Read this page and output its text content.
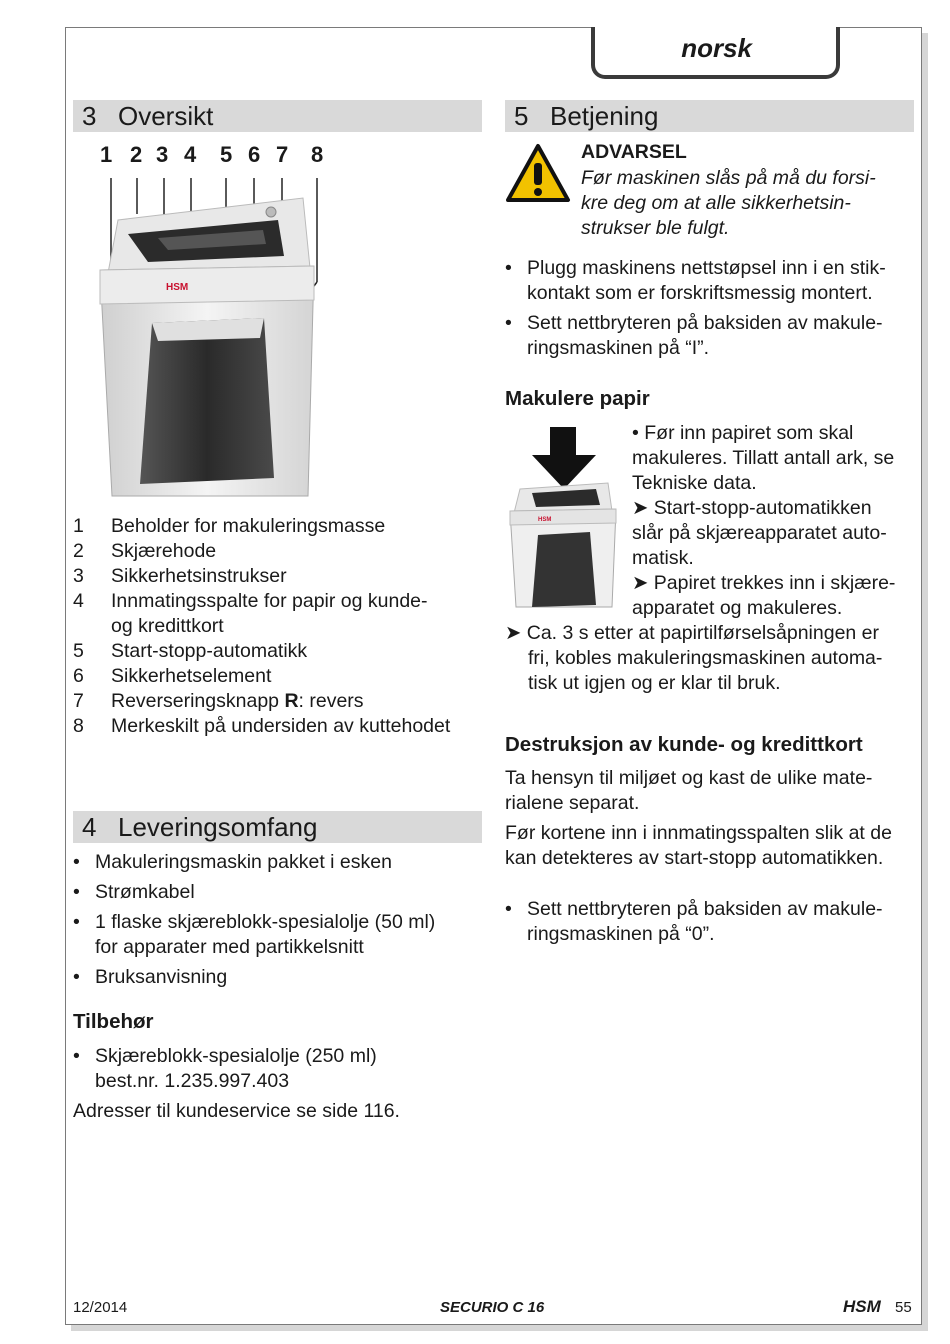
norsk
3 Oversikt
1 2 3 4 5 6 7 8
HSM
1	Beholder for makuleringsmasse
2	Skjærehode
3	Sikkerhetsinstrukser
4	Innmatingsspalte for papir og kunde-
og kredittkort
5	Start-stopp-automatikk
6	Sikkerhetselement
7	Reverseringsknapp R: revers
8	Merkeskilt på undersiden av kuttehodet
4 Leveringsomfang
• Makuleringsmaskin pakket i esken
• Strømkabel
• 1 flaske skjæreblokk-spesialolje (50 ml)
for apparater med partikkelsnitt
• Bruksanvisning
Tilbehør
• Skjæreblokk-spesialolje (250 ml)
best.nr. 1.235.997.403
Adresser til kundeservice se side 116.
5 Betjening
ADVARSEL
Før maskinen slås på må du forsi-
kre deg om at alle sikkerhetsin-
strukser ble fulgt.
• Plugg maskinens nettstøpsel inn i en stik-
kontakt som er forskriftsmessig montert.
• Sett nettbryteren på baksiden av makule-
ringsmaskinen på “I”.
Makulere papir
HSM
• Før inn papiret som skal
makuleres. Tillatt antall ark, se
Tekniske data.
➤ Start-stopp-automatikken
slår på skjæreapparatet auto-
matisk.
➤ Papiret trekkes inn i skjære-
apparatet og makuleres.
➤ Ca. 3 s etter at papirtilførselsåpningen er
fri, kobles makuleringsmaskinen automa-
tisk ut igjen og er klar til bruk.
Destruksjon av kunde- og kredittkort
Ta hensyn til miljøet og kast de ulike mate-
rialene separat.
Før kortene inn i innmatingsspalten slik at de
kan detekteres av start-stopp automatikken.
• Sett nettbryteren på baksiden av makule-
ringsmaskinen på “0”.
12/2014	SECURIO C 16	HSM 55
